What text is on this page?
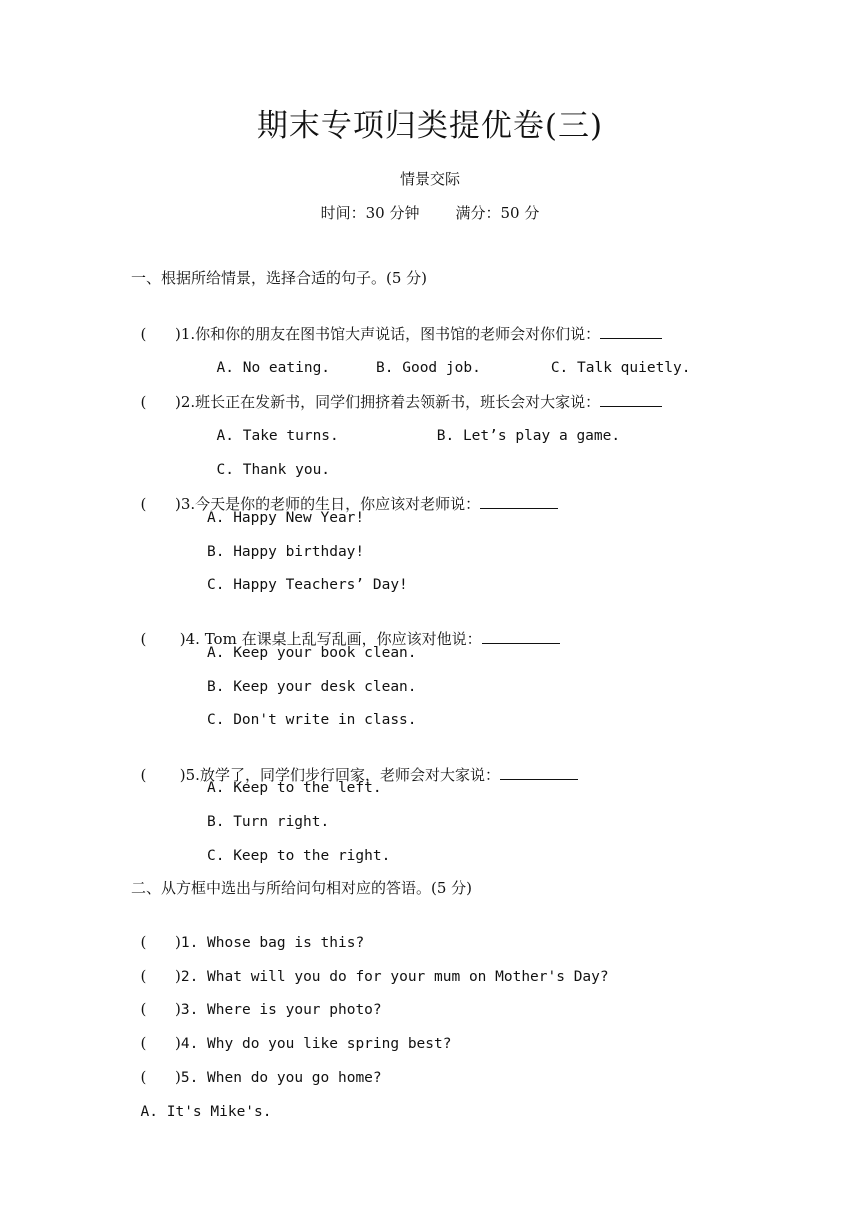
期末专项归类提优卷(三)
情景交际
时间：30 分钟 满分：50 分
一、根据所给情景，选择合适的句子。(5 分)

(      )1.你和你的朋友在图书馆大声说话，图书馆的老师会对你们说：

A. No eating.	B. Good job.	C. Talk quietly.

(      )2.班长正在发新书，同学们拥挤着去领新书，班长会对大家说：

A. Take turns.	B. Let’s play a game.

C. Thank you.

(      )3.今天是你的老师的生日，你应该对老师说：

A. Happy New Year!
B. Happy birthday!
C. Happy Teachers’ Day!

(       )4. Tom 在课桌上乱写乱画，你应该对他说：

A. Keep your book clean.
B. Keep your desk clean.
C. Don't write in class.

(       )5.放学了，同学们步行回家，老师会对大家说：

A. Keep to the left.
B. Turn right.
C. Keep to the right.
二、从方框中选出与所给问句相对应的答语。(5 分)

(      )1. Whose bag is this?

(      )2. What will you do for your mum on Mother's Day?

(      )3. Where is your photo?

(      )4. Why do you like spring best?

(      )5. When do you go home?

A. It's Mike's.
